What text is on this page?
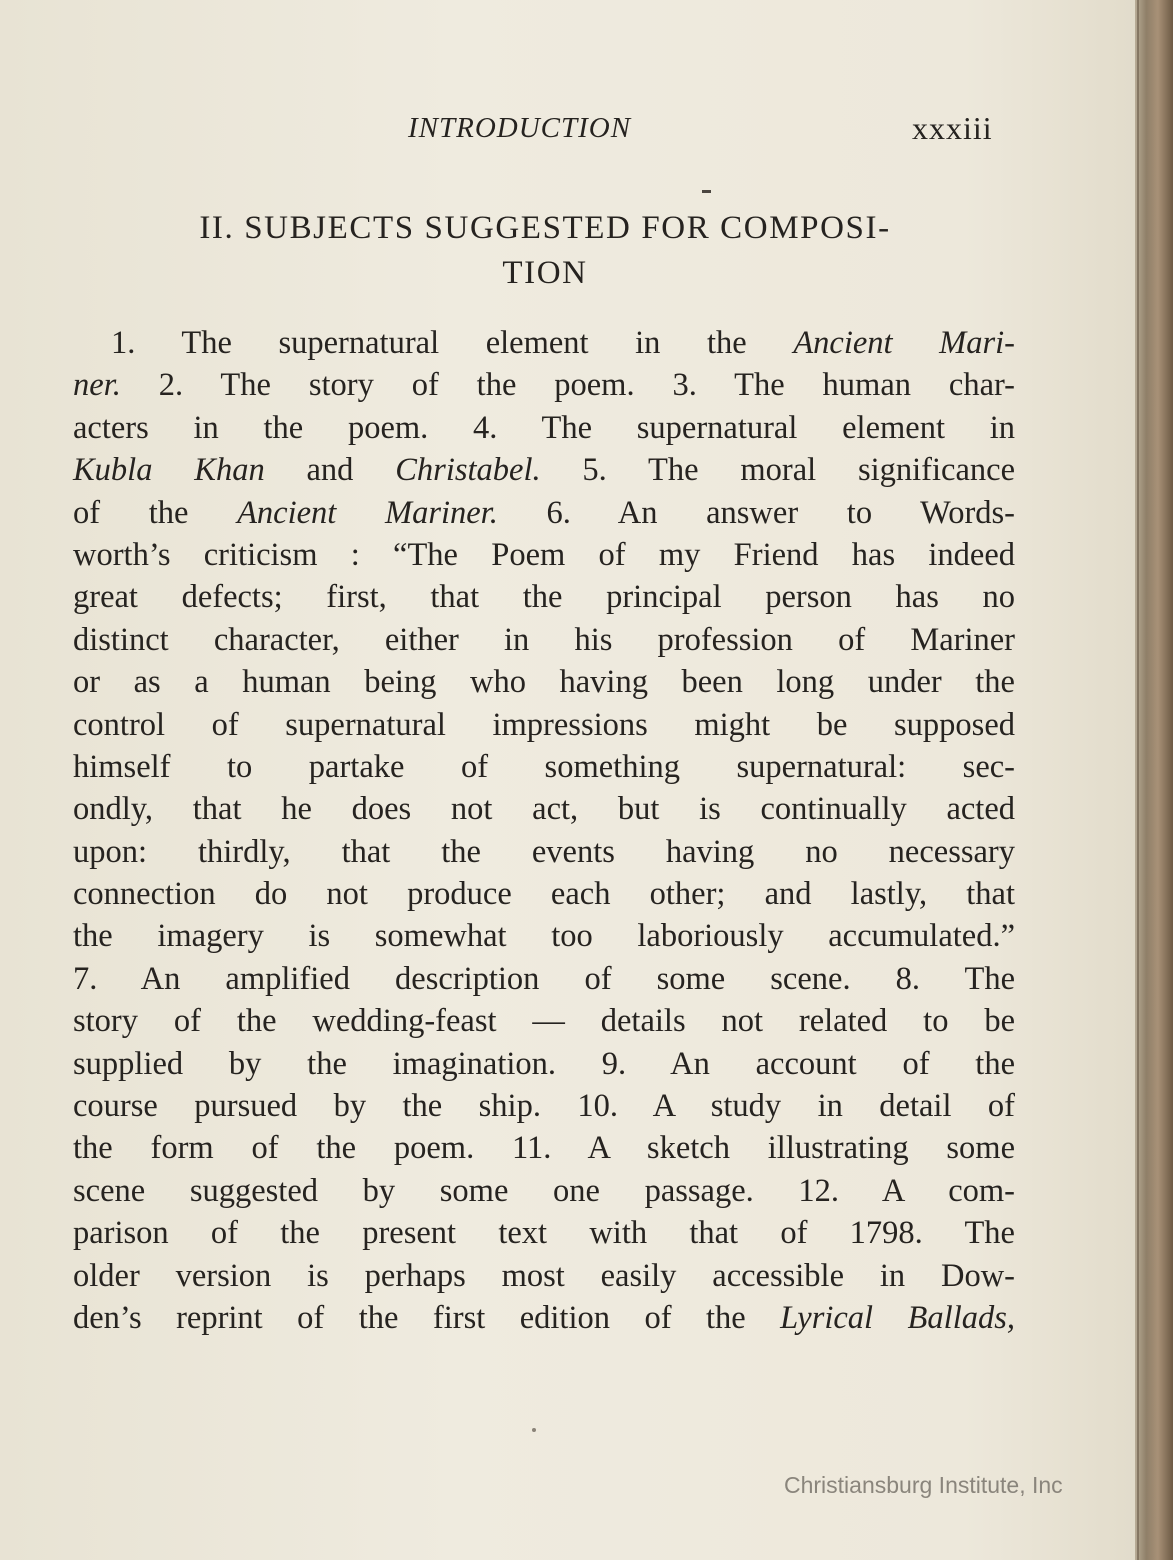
INTRODUCTION	xxxiii
II. SUBJECTS SUGGESTED FOR COMPOSI-
TION
1. The supernatural element in the Ancient Mari-
ner. 2. The story of the poem. 3. The human char-
acters in the poem. 4. The supernatural element in
Kubla Khan and Christabel. 5. The moral significance
of the Ancient Mariner. 6. An answer to Words-
worth’s criticism : “The Poem of my Friend has indeed
great defects; first, that the principal person has no
distinct character, either in his profession of Mariner
or as a human being who having been long under the
control of supernatural impressions might be supposed
himself to partake of something supernatural: sec-
ondly, that he does not act, but is continually acted
upon: thirdly, that the events having no necessary
connection do not produce each other; and lastly, that
the imagery is somewhat too laboriously accumulated.”
7. An amplified description of some scene. 8. The
story of the wedding-feast — details not related to be
supplied by the imagination. 9. An account of the
course pursued by the ship. 10. A study in detail of
the form of the poem. 11. A sketch illustrating some
scene suggested by some one passage. 12. A com-
parison of the present text with that of 1798. The
older version is perhaps most easily accessible in Dow-
den’s reprint of the first edition of the Lyrical Ballads,
Christiansburg Institute, Inc
